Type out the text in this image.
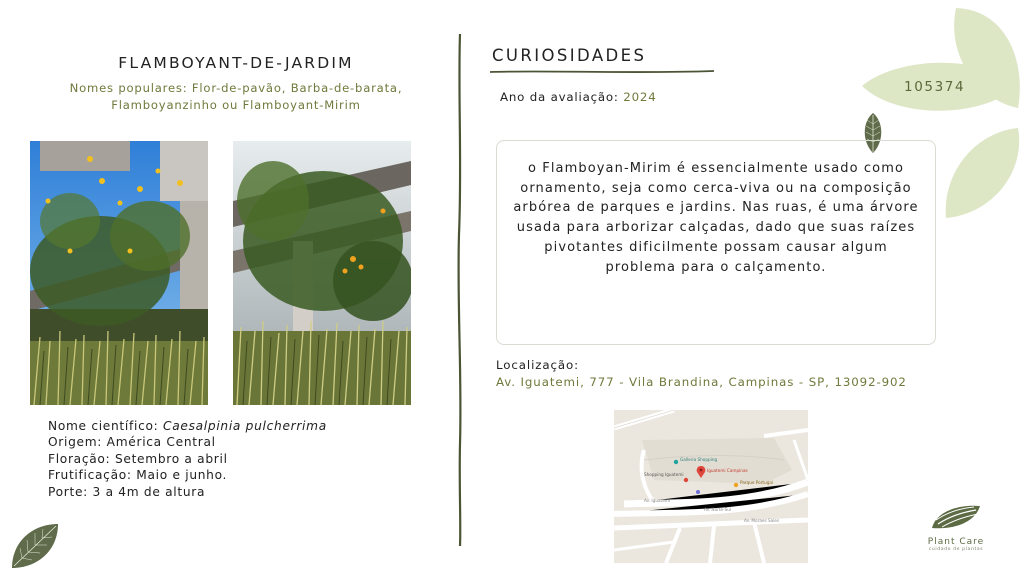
FLAMBOYANT-DE-JARDIM
Nomes populares: Flor-de-pavão, Barba-de-barata,
Flamboyanzinho ou Flamboyant-Mirim
Nome científico: Caesalpinia pulcherrima
Origem: América Central
Floração: Setembro a abril
Frutificação: Maio e junho.
Porte: 3 a 4m de altura
CURIOSIDADES
Ano da avaliação: 2024
105374
o Flamboyan-Mirim é essencialmente usado como ornamento, seja como cerca-viva ou na composição arbórea de parques e jardins. Nas ruas, é uma árvore usada para arborizar calçadas, dado que suas raízes pivotantes dificilmente possam causar algum problema para o calçamento.
Localização:
Av. Iguatemi, 777 - Vila Brandina, Campinas - SP, 13092-902
Galleria Shopping
Shopping Iguatemi
Parque Portugal
Iguatemi Campinas
Av. Iguatemi
Av. Norte-Sul
Av. Moraes Sales
Plant Care
cuidado de plantas
